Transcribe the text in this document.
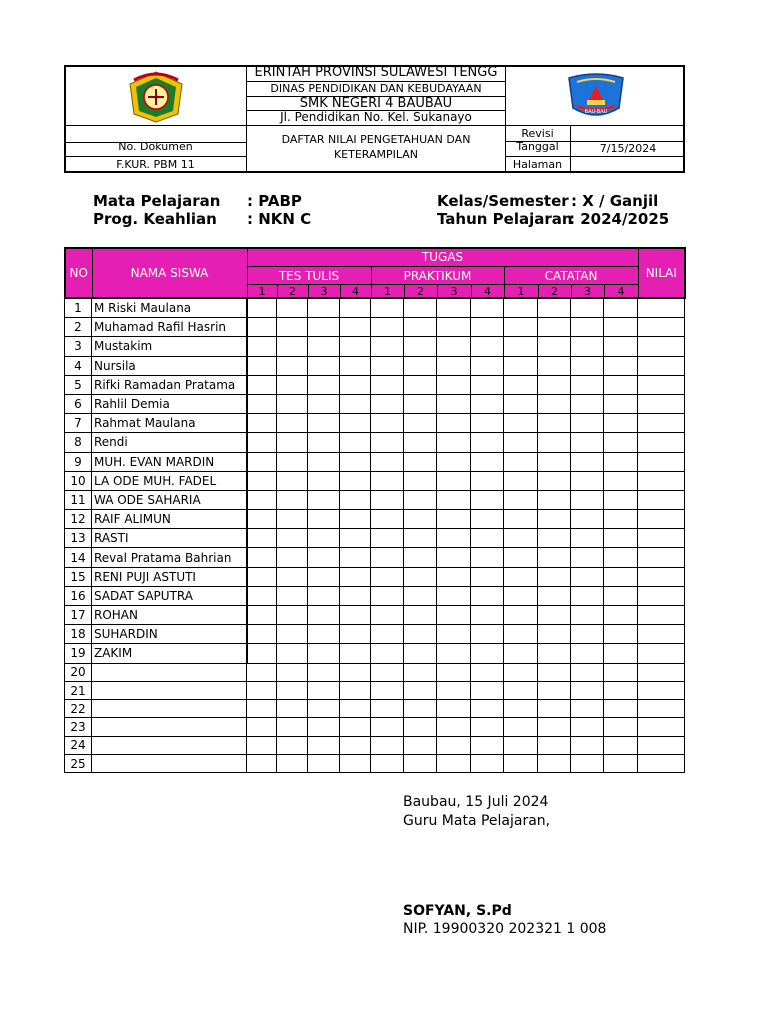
BAU-BAU
ERINTAH PROVINSI SULAWESI TENGG
DINAS PENDIDIKAN DAN KEBUDAYAAN
SMK NEGERI 4 BAUBAU
Jl. Pendidikan No. Kel. Sukanayo
DAFTAR NILAI PENGETAHUAN DAN
KETERAMPILAN
No. Dokumen
F.KUR. PBM 11
Revisi
Tanggal	7/15/2024
Halaman
Mata Pelajaran : PABP
Prog. Keahlian : NKN C
Kelas/Semester : X / Ganjil
Tahun Pelajaran
: 2024/2025
NO	NAMA SISWA	TUGAS												NILAI
		TES TULIS				PRAKTIKUM				CATATAN				
		1	2	3	4	1	2	3	4	1	2	3	4	
1	M Riski Maulana													
2	Muhamad Rafil Hasrin													
3	Mustakim													
4	Nursila													
5	Rifki Ramadan Pratama													
6	Rahlil Demia													
7	Rahmat Maulana													
8	Rendi													
9	MUH. EVAN MARDIN													
10	LA ODE MUH. FADEL													
11	WA ODE SAHARIA													
12	RAIF ALIMUN													
13	RASTI													
14	Reval Pratama Bahrian													
15	RENI PUJI ASTUTI													
16	SADAT SAPUTRA													
17	ROHAN													
18	SUHARDIN													
19	ZAKIM													
20														
21														
22														
23														
24														
25														
Baubau, 15 Juli 2024
Guru Mata Pelajaran,
SOFYAN, S.Pd
NIP. 19900320 202321 1 008
